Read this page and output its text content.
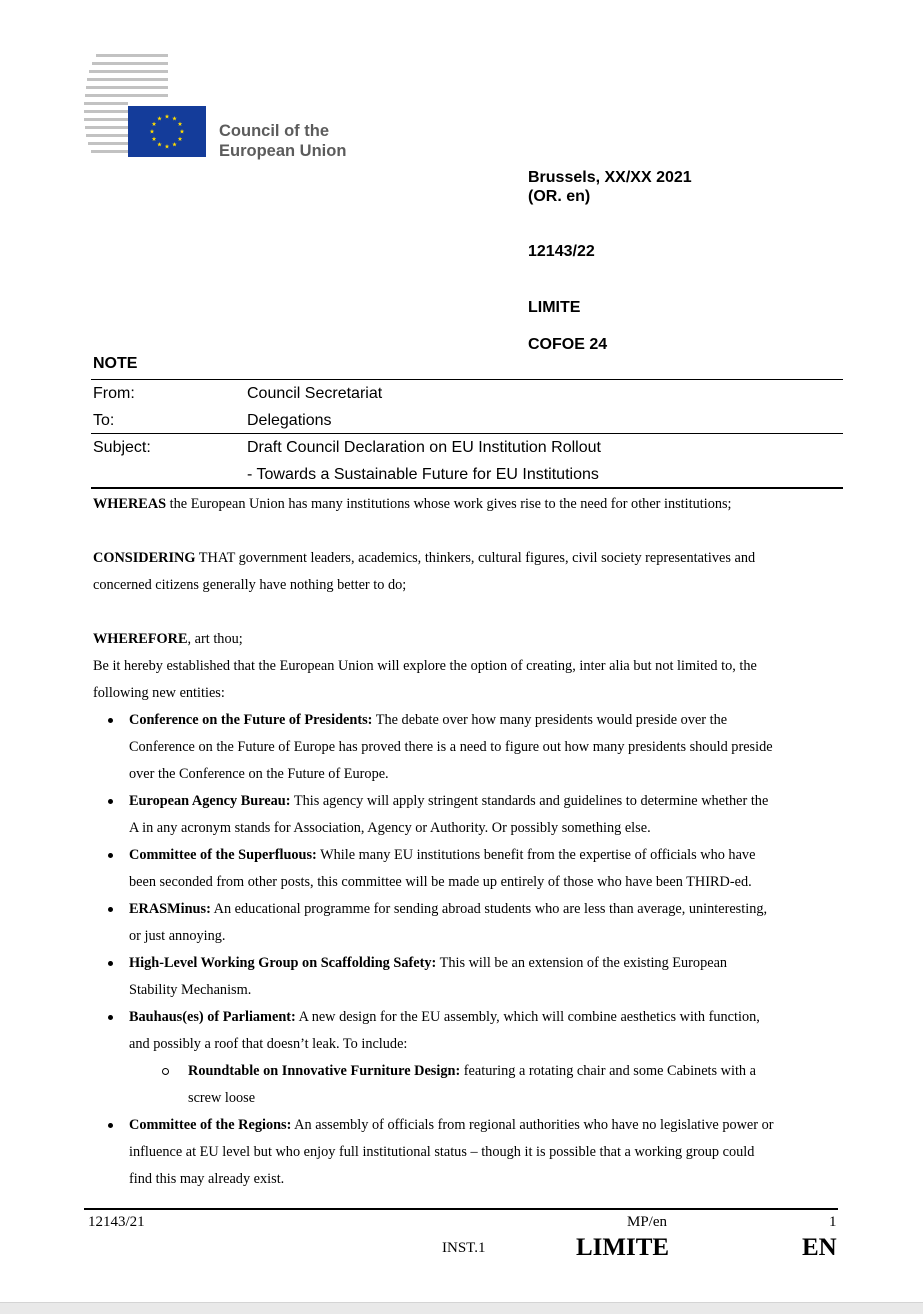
Council of the
European Union
Brussels, XX/XX 2021
(OR. en)
12143/22
LIMITE
COFOE 24
NOTE
From:	Council Secretariat
To:	Delegations
Subject:	Draft Council Declaration on EU Institution Rollout
- Towards a Sustainable Future for EU Institutions
WHEREAS the European Union has many institutions whose work gives rise to the need for other institutions;
CONSIDERING THAT government leaders, academics, thinkers, cultural figures, civil society representatives and
concerned citizens generally have nothing better to do;
WHEREFORE, art thou;
Be it hereby established that the European Union will explore the option of creating, inter alia but not limited to, the
following new entities:
Conference on the Future of Presidents: The debate over how many presidents would preside over the
Conference on the Future of Europe has proved there is a need to figure out how many presidents should preside
over the Conference on the Future of Europe.
European Agency Bureau: This agency will apply stringent standards and guidelines to determine whether the
A in any acronym stands for Association, Agency or Authority. Or possibly something else.
Committee of the Superfluous: While many EU institutions benefit from the expertise of officials who have
been seconded from other posts, this committee will be made up entirely of those who have been THIRD-ed.
ERASMinus: An educational programme for sending abroad students who are less than average, uninteresting,
or just annoying.
High-Level Working Group on Scaffolding Safety: This will be an extension of the existing European
Stability Mechanism.
Bauhaus(es) of Parliament: A new design for the EU assembly, which will combine aesthetics with function,
and possibly a roof that doesn’t leak. To include:
Roundtable on Innovative Furniture Design: featuring a rotating chair and some Cabinets with a
screw loose
Committee of the Regions: An assembly of officials from regional authorities who have no legislative power or
influence at EU level but who enjoy full institutional status – though it is possible that a working group could
find this may already exist.
12143/21	MP/en	1
INST.1	LIMITE	EN
